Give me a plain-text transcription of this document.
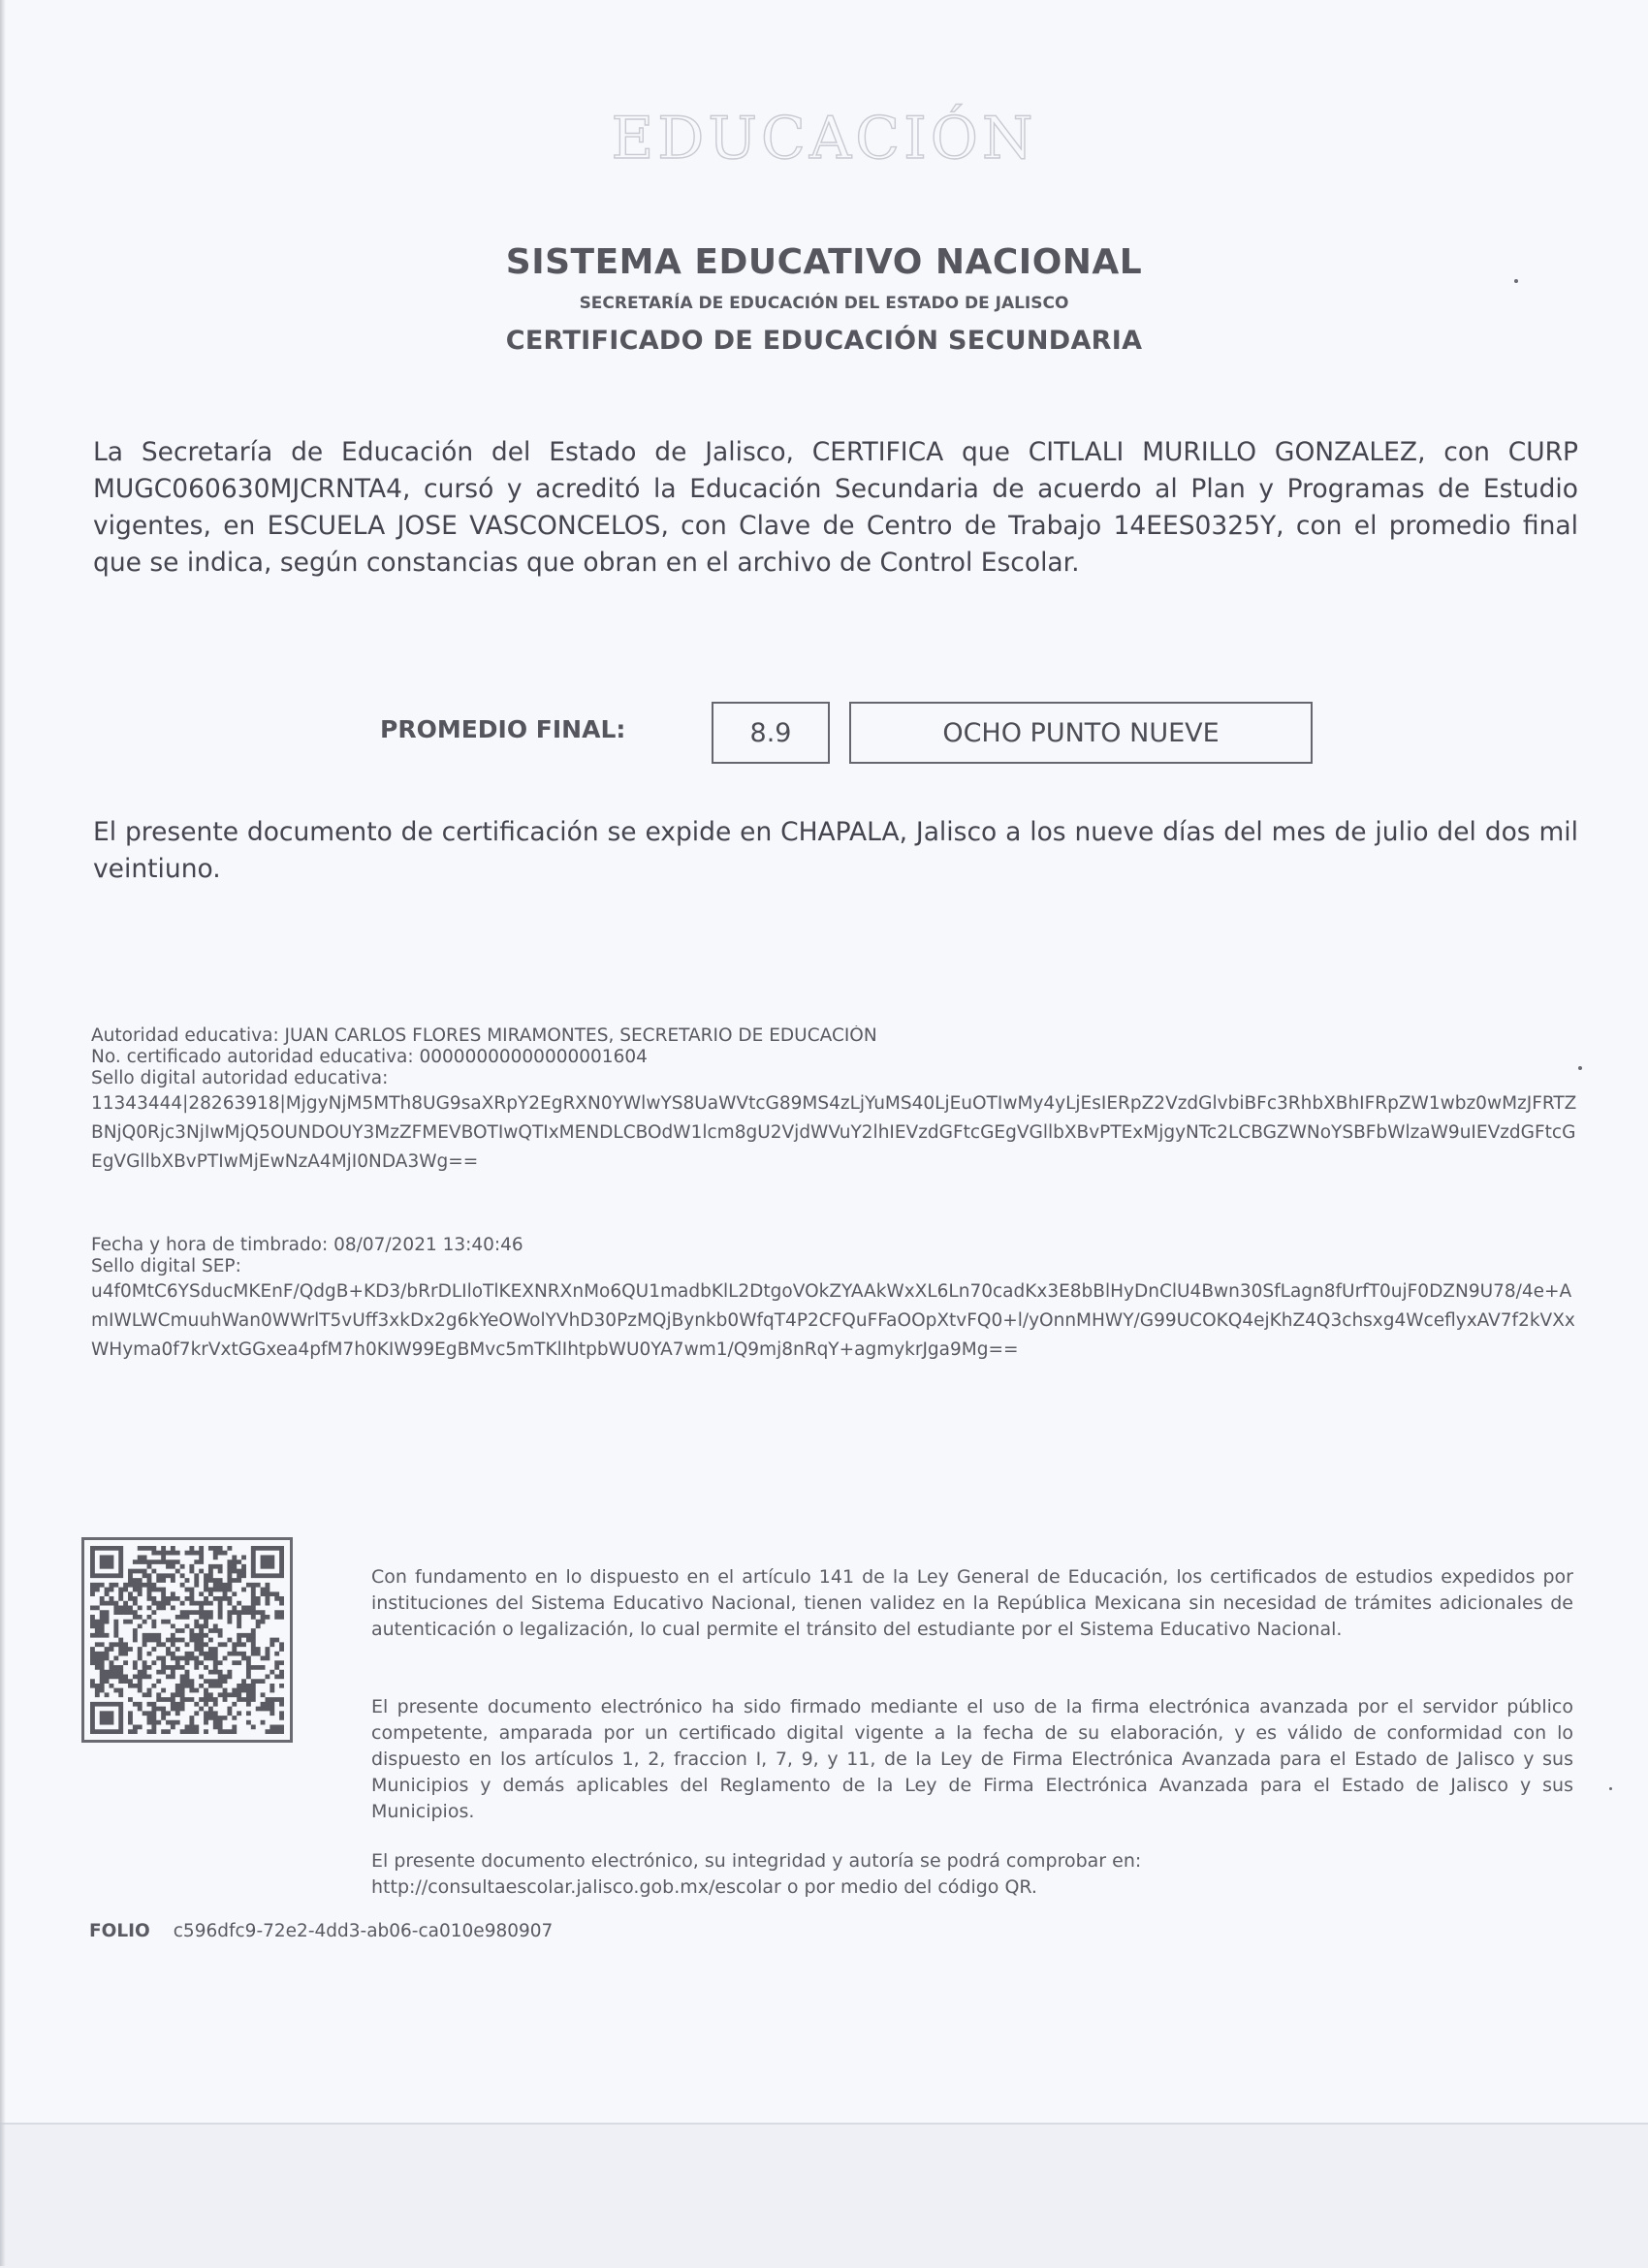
EDUCACIÓN
SISTEMA EDUCATIVO NACIONAL
SECRETARÍA DE EDUCACIÓN DEL ESTADO DE JALISCO
CERTIFICADO DE EDUCACIÓN SECUNDARIA

La Secretaría de Educación del Estado de Jalisco, CERTIFICA que CITLALI MURILLO GONZALEZ, con CURP MUGC060630MJCRNTA4, cursó y acreditó la Educación Secundaria de acuerdo al Plan y Programas de Estudio vigentes, en ESCUELA JOSE VASCONCELOS, con Clave de Centro de Trabajo 14EES0325Y, con el promedio final que se indica, según constancias que obran en el archivo de Control Escolar.

PROMEDIO FINAL:	8.9	OCHO PUNTO NUEVE

El presente documento de certificación se expide en CHAPALA, Jalisco a los nueve días del mes de julio del dos mil veintiuno.

Autoridad educativa: JUAN CARLOS FLORES MIRAMONTES, SECRETARIO DE EDUCACIÓN
No. certificado autoridad educativa: 00000000000000001604
Sello digital autoridad educativa:
11343444|28263918|MjgyNjM5MTh8UG9saXRpY2EgRXN0YWlwYS8UaWVtcG89MS4zLjYuMS40LjEuOTIwMy4yLjEsIERpZ2VzdGlvbiBFc3RhbXBhIFRpZW1wbz0wMzJFRTZBNjQ0Rjc3NjIwMjQ5OUNDOUY3MzZFMEVBOTIwQTIxMENDLCBOdW1lcm8gU2VjdWVuY2lhIEVzdGFtcGEgVGllbXBvPTExMjgyNTc2LCBGZWNoYSBFbWlzaW9uIEVzdGFtcGEgVGllbXBvPTIwMjEwNzA4MjI0NDA3Wg==
Fecha y hora de timbrado: 08/07/2021 13:40:46
Sello digital SEP:
u4f0MtC6YSducMKEnF/QdgB+KD3/bRrDLIloTlKEXNRXnMo6QU1madbKlL2DtgoVOkZYAAkWxXL6Ln70cadKx3E8bBlHyDnClU4Bwn30SfLagn8fUrfT0ujF0DZN9U78/4e+AmIWLWCmuuhWan0WWrlT5vUff3xkDx2g6kYeOWolYVhD30PzMQjBynkb0WfqT4P2CFQuFFaOOpXtvFQ0+l/yOnnMHWY/G99UCOKQ4ejKhZ4Q3chsxg4WceflyxAV7f2kVXxWHyma0f7krVxtGGxea4pfM7h0KIW99EgBMvc5mTKlIhtpbWU0YA7wm1/Q9mj8nRqY+agmykrJga9Mg==

Con fundamento en lo dispuesto en el artículo 141 de la Ley General de Educación, los certificados de estudios expedidos por instituciones del Sistema Educativo Nacional, tienen validez en la República Mexicana sin necesidad de trámites adicionales de autenticación o legalización, lo cual permite el tránsito del estudiante por el Sistema Educativo Nacional.

El presente documento electrónico ha sido firmado mediante el uso de la firma electrónica avanzada por el servidor público competente, amparada por un certificado digital vigente a la fecha de su elaboración, y es válido de conformidad con lo dispuesto en los artículos 1, 2, fraccion I, 7, 9, y 11, de la Ley de Firma Electrónica Avanzada para el Estado de Jalisco y sus Municipios y demás aplicables del Reglamento de la Ley de Firma Electrónica Avanzada para el Estado de Jalisco y sus Municipios.

El presente documento electrónico, su integridad y autoría se podrá comprobar en:
http://consultaescolar.jalisco.gob.mx/escolar o por medio del código QR.
FOLIO c596dfc9-72e2-4dd3-ab06-ca010e980907
